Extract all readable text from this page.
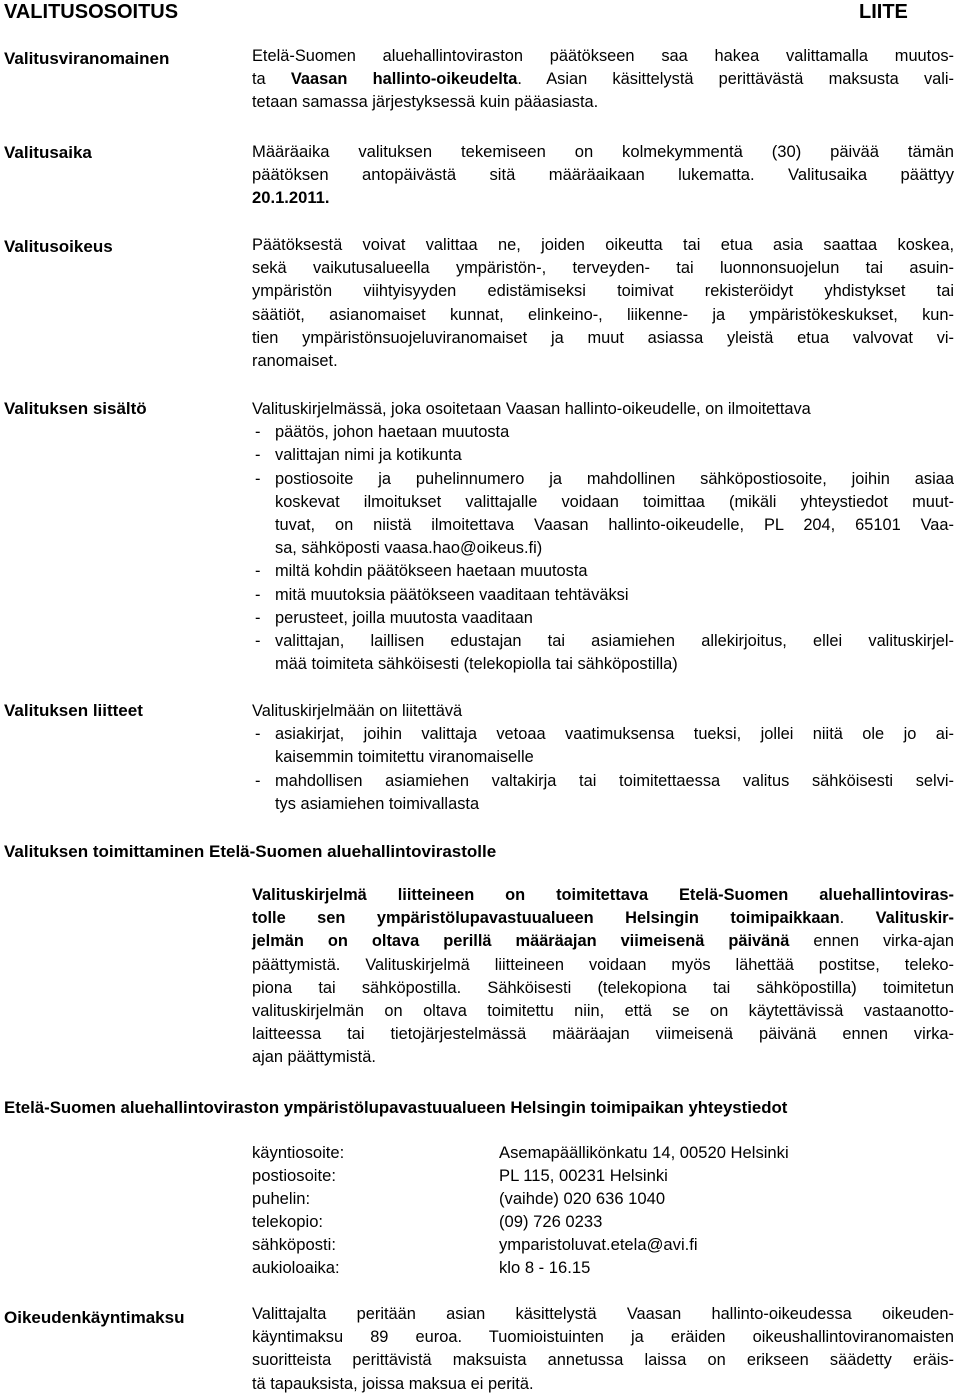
VALITUSOSOITUS	LIITE
Valitusviranomainen	Etelä-Suomen aluehallintoviraston päätökseen saa hakea valittamalla muutos-
ta Vaasan hallinto-oikeudelta. Asian käsittelystä perittävästä maksusta vali-
tetaan samassa järjestyksessä kuin pääasiasta.
Valitusaika	Määräaika valituksen tekemiseen on kolmekymmentä (30) päivää tämän
päätöksen antopäivästä sitä määräaikaan lukematta. Valitusaika päättyy
20.1.2011.
Valitusoikeus	Päätöksestä voivat valittaa ne, joiden oikeutta tai etua asia saattaa koskea,
sekä vaikutusalueella ympäristön-, terveyden- tai luonnonsuojelun tai asuin-
ympäristön viihtyisyyden edistämiseksi toimivat rekisteröidyt yhdistykset tai
säätiöt, asianomaiset kunnat, elinkeino-, liikenne- ja ympäristökeskukset, kun-
tien ympäristönsuojeluviranomaiset ja muut asiassa yleistä etua valvovat vi-
ranomaiset.
Valituksen sisältö	Valituskirjelmässä, joka osoitetaan Vaasan hallinto-oikeudelle, on ilmoitettava
- päätös, johon haetaan muutosta
- valittajan nimi ja kotikunta
- postiosoite ja puhelinnumero ja mahdollinen sähköpostiosoite, joihin asiaa
koskevat ilmoitukset valittajalle voidaan toimittaa (mikäli yhteystiedot muut-
tuvat, on niistä ilmoitettava Vaasan hallinto-oikeudelle, PL 204, 65101 Vaa-
sa, sähköposti vaasa.hao@oikeus.fi)
- miltä kohdin päätökseen haetaan muutosta
- mitä muutoksia päätökseen vaaditaan tehtäväksi
- perusteet, joilla muutosta vaaditaan
- valittajan, laillisen edustajan tai asiamiehen allekirjoitus, ellei valituskirjel-
mää toimiteta sähköisesti (telekopiolla tai sähköpostilla)
Valituksen liitteet	Valituskirjelmään on liitettävä
- asiakirjat, joihin valittaja vetoaa vaatimuksensa tueksi, jollei niitä ole jo ai-
kaisemmin toimitettu viranomaiselle
- mahdollisen asiamiehen valtakirja tai toimitettaessa valitus sähköisesti selvi-
tys asiamiehen toimivallasta
Valituksen toimittaminen Etelä-Suomen aluehallintovirastolle
Valituskirjelmä liitteineen on toimitettava Etelä-Suomen aluehallintoviras-
tolle sen ympäristölupavastuualueen Helsingin toimipaikkaan. Valituskir-
jelmän on oltava perillä määräajan viimeisenä päivänä ennen virka-ajan
päättymistä. Valituskirjelmä liitteineen voidaan myös lähettää postitse, teleko-
piona tai sähköpostilla. Sähköisesti (telekopiona tai sähköpostilla) toimitetun
valituskirjelmän on oltava toimitettu niin, että se on käytettävissä vastaanotto-
laitteessa tai tietojärjestelmässä määräajan viimeisenä päivänä ennen virka-
ajan päättymistä.
Etelä-Suomen aluehallintoviraston ympäristölupavastuualueen Helsingin toimipaikan yhteystiedot
käyntiosoite:	Asemapäällikönkatu 14, 00520 Helsinki
postiosoite:	PL 115, 00231 Helsinki
puhelin:	(vaihde) 020 636 1040
telekopio:	(09) 726 0233
sähköposti:	ymparistoluvat.etela@avi.fi
aukioloaika:	klo 8 - 16.15
Oikeudenkäyntimaksu	Valittajalta peritään asian käsittelystä Vaasan hallinto-oikeudessa oikeuden-
käyntimaksu 89 euroa. Tuomioistuinten ja eräiden oikeushallintoviranomaisten
suoritteista perittävistä maksuista annetussa laissa on erikseen säädetty eräis-
tä tapauksista, joissa maksua ei peritä.
